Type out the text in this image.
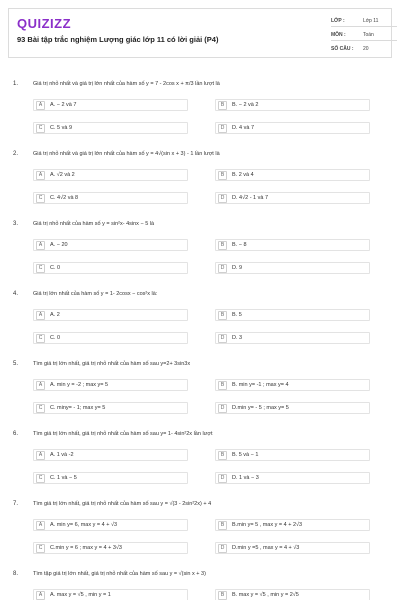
QUIZIZZ
93 Bài tập trắc nghiệm Lượng giác lớp 11 có lời giải (P4)
LỚP :	Lớp 11
MÔN :	Toán
SỐ CÂU :	20
1.	Giá trị nhỏ nhất và giá trị lớn nhất của hàm số y = 7 - 2cos x + π/3 lần lượt là
A	A. − 2 và 7	B	B. − 2 và 2
C	C. 5 và 9	D	D. 4 và 7
2.	Giá trị nhỏ nhất và giá trị lớn nhất của hàm số y = 4√(sin x + 3) - 1 lần lượt là
A	A. √2 và 2	B	B. 2 và 4
C	C. 4√2 và 8	D	D. 4√2 - 1 và 7
3.	Giá trị nhỏ nhất của hàm số y = sin²x- 4sinx − 5 là
A	A. − 20	B	B. − 8
C	C. 0	D	D. 9
4.	Giá trị lớn nhất của hàm số y = 1- 2cosx − cos²x là:
A	A. 2	B	B. 5
C	C. 0	D	D. 3
5.	Tìm giá trị lớn nhất, giá trị nhỏ nhất của hàm số sau y=2+ 3sin3x
A	A. min y = -2 ; max y= 5	B	B. min y= -1 ; max y= 4
C	C. miny= - 1; max y= 5	D	D.min y= - 5 ; max y= 5
6.	Tìm giá trị lớn nhất, giá trị nhỏ nhất của hàm số sau y= 1- 4sin²2x lần lượt
A	A. 1 và -2	B	B. 5 và − 1
C	C. 1 và − 5	D	D. 1 và − 3
7.	Tìm giá trị lớn nhất, giá trị nhỏ nhất của hàm số sau y = √(3 - 2sin²2x) + 4
A	A. min y= 6, max y = 4 + √3	B	B.min y= 5 , max y = 4 + 2√3
C	C.min y = 6 ; max y = 4 + 3√3	D	D.min y =5 , max y = 4 + √3
8.	Tìm tập giá trị lớn nhất, giá trị nhỏ nhất của hàm số sau y = √(sin x + 3)
A	A. max y = √5 , min y = 1	B	B. max y = √5 , min y = 2√5
